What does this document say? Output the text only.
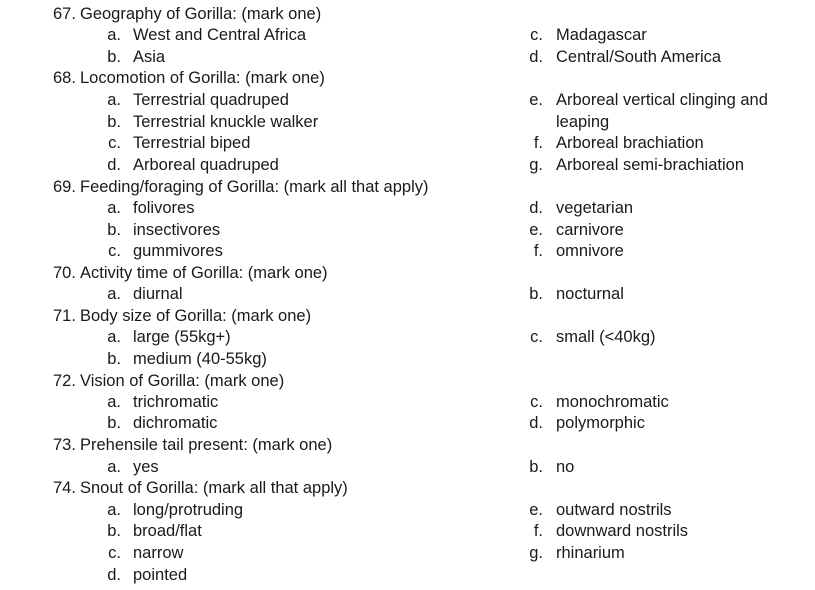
67. Geography of Gorilla: (mark one)
a. West and Central Africa
b. Asia
c. Madagascar
d. Central/South America
68. Locomotion of Gorilla: (mark one)
a. Terrestrial quadruped
b. Terrestrial knuckle walker
c. Terrestrial biped
d. Arboreal quadruped
e. Arboreal vertical clinging and
leaping
f. Arboreal brachiation
g. Arboreal semi-brachiation
69. Feeding/foraging of Gorilla: (mark all that apply)
a. folivores
b. insectivores
c. gummivores
d. vegetarian
e. carnivore
f. omnivore
70. Activity time of Gorilla: (mark one)
a. diurnal	b. nocturnal
71. Body size of Gorilla: (mark one)
a. large (55kg+)
b. medium (40-55kg)
c. small (<40kg)
72. Vision of Gorilla: (mark one)
a. trichromatic
b. dichromatic
c. monochromatic
d. polymorphic
73. Prehensile tail present: (mark one)
a. yes	b. no
74. Snout of Gorilla: (mark all that apply)
a. long/protruding
b. broad/flat
c. narrow
d. pointed
e. outward nostrils
f. downward nostrils
g. rhinarium
